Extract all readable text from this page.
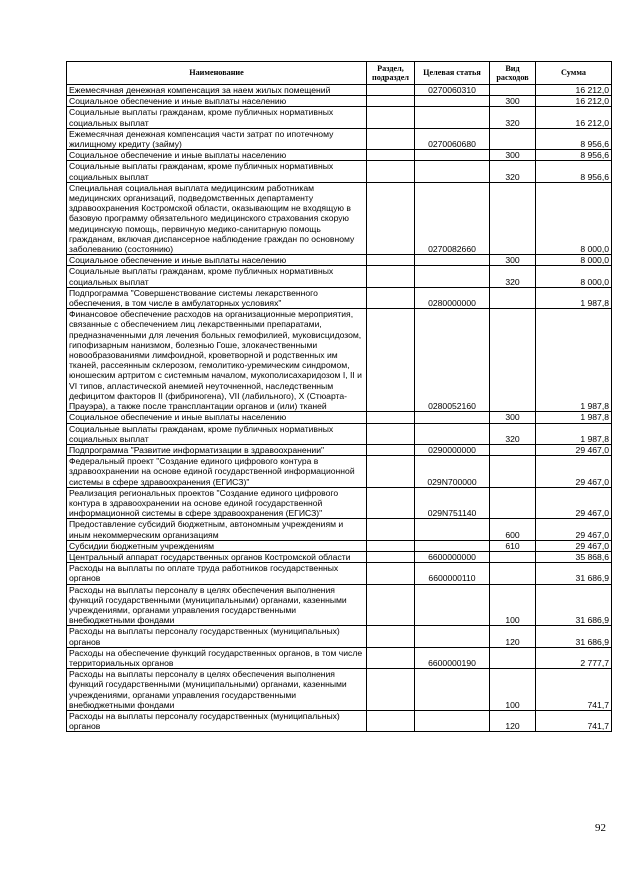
Наименование	Раздел, подраздел	Целевая статья	Вид расходов	Сумма
Ежемесячная денежная компенсация за наем жилых помещений		0270060310		16 212,0
Социальное обеспечение и иные выплаты населению			300	16 212,0
Социальные выплаты гражданам, кроме публичных нормативных социальных выплат			320	16 212,0
Ежемесячная денежная компенсация части затрат по ипотечному жилищному кредиту (займу)		0270060680		8 956,6
Социальное обеспечение и иные выплаты населению			300	8 956,6
Социальные выплаты гражданам, кроме публичных нормативных социальных выплат			320	8 956,6
Специальная социальная выплата медицинским работникам медицинских организаций, подведомственных департаменту здравоохранения Костромской области, оказывающим не входящую в базовую программу обязательного медицинского страхования скорую медицинскую помощь, первичную медико-санитарную помощь гражданам, включая диспансерное наблюдение граждан по основному заболеванию (состоянию)		0270082660		8 000,0
Социальное обеспечение и иные выплаты населению			300	8 000,0
Социальные выплаты гражданам, кроме публичных нормативных социальных выплат			320	8 000,0
Подпрограмма "Совершенствование системы лекарственного обеспечения, в том числе в амбулаторных условиях"		0280000000		1 987,8
Финансовое обеспечение расходов на организационные мероприятия, связанные с обеспечением лиц лекарственными препаратами, предназначенными для лечения больных гемофилией, муковисцидозом, гипофизарным нанизмом, болезнью Гоше, злокачественными новообразованиями лимфоидной, кроветворной и родственных им тканей, рассеянным склерозом, гемолитико-уремическим синдромом, юношеским артритом с системным началом, мукополисахаридозом I, II и VI типов, апластической анемией неуточненной, наследственным дефицитом факторов II (фибриногена), VII (лабильного), X (Стюарта-Прауэра), а также после трансплантации органов и (или) тканей		0280052160		1 987,8
Социальное обеспечение и иные выплаты населению			300	1 987,8
Социальные выплаты гражданам, кроме публичных нормативных социальных выплат			320	1 987,8
Подпрограмма "Развитие информатизации в здравоохранении"		0290000000		29 467,0
Федеральный проект "Создание единого цифрового контура в здравоохранении на основе единой государственной информационной системы в сфере здравоохранения (ЕГИСЗ)"		029N700000		29 467,0
Реализация региональных проектов "Создание единого цифрового контура в здравоохранении на основе единой государственной информационной системы в сфере здравоохранения (ЕГИСЗ)"		029N751140		29 467,0
Предоставление субсидий бюджетным, автономным учреждениям и иным некоммерческим организациям			600	29 467,0
Субсидии бюджетным учреждениям			610	29 467,0
Центральный аппарат государственных органов Костромской области		6600000000		35 868,6
Расходы на выплаты по оплате труда работников государственных органов		6600000110		31 686,9
Расходы на выплаты персоналу в целях обеспечения выполнения функций государственными (муниципальными) органами, казенными учреждениями, органами управления государственными внебюджетными фондами			100	31 686,9
Расходы на выплаты персоналу государственных (муниципальных) органов			120	31 686,9
Расходы на обеспечение функций государственных органов, в том числе территориальных органов		6600000190		2 777,7
Расходы на выплаты персоналу в целях обеспечения выполнения функций государственными (муниципальными) органами, казенными учреждениями, органами управления государственными внебюджетными фондами			100	741,7
Расходы на выплаты персоналу государственных (муниципальных) органов			120	741,7
92
